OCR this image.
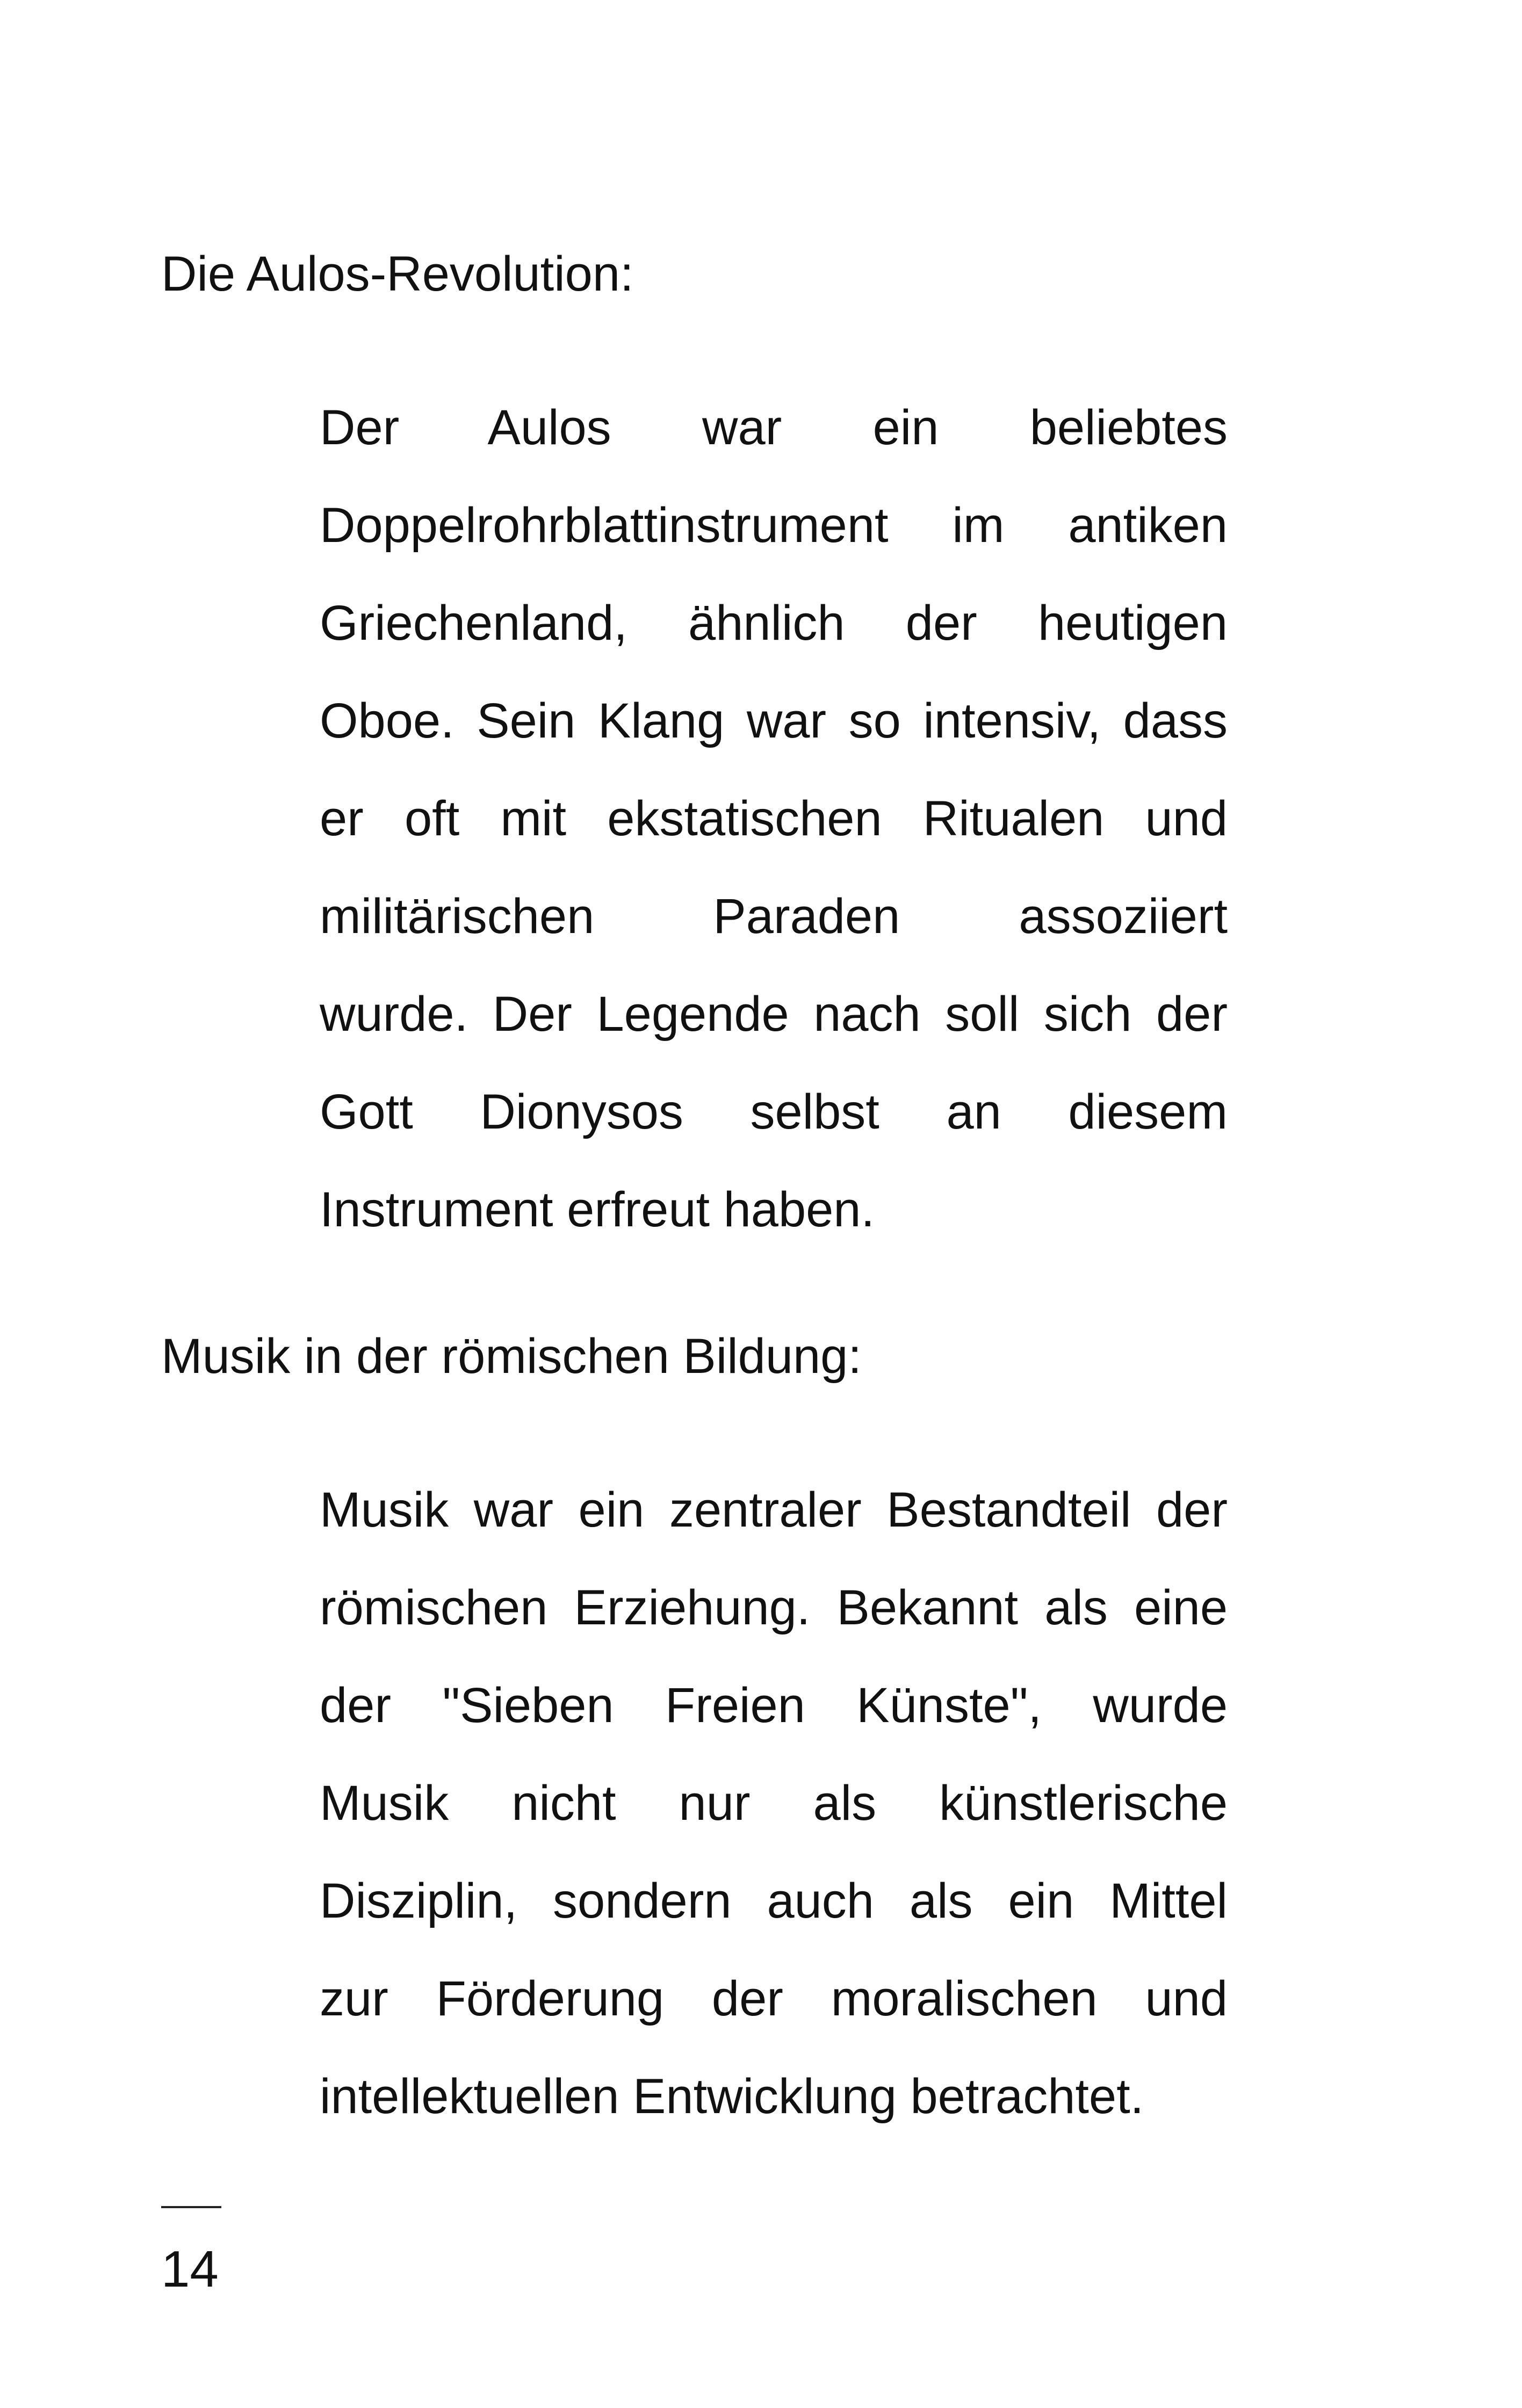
Die Aulos-Revolution:
Der Aulos war ein beliebtes
Doppelrohrblattinstrument im antiken
Griechenland, ähnlich der heutigen
Oboe. Sein Klang war so intensiv, dass
er oft mit ekstatischen Ritualen und
militärischen Paraden assoziiert
wurde. Der Legende nach soll sich der
Gott Dionysos selbst an diesem
Instrument erfreut haben.
Musik in der römischen Bildung:
Musik war ein zentraler Bestandteil der
römischen Erziehung. Bekannt als eine
der "Sieben Freien Künste", wurde
Musik nicht nur als künstlerische
Disziplin, sondern auch als ein Mittel
zur Förderung der moralischen und
intellektuellen Entwicklung betrachtet.
14
